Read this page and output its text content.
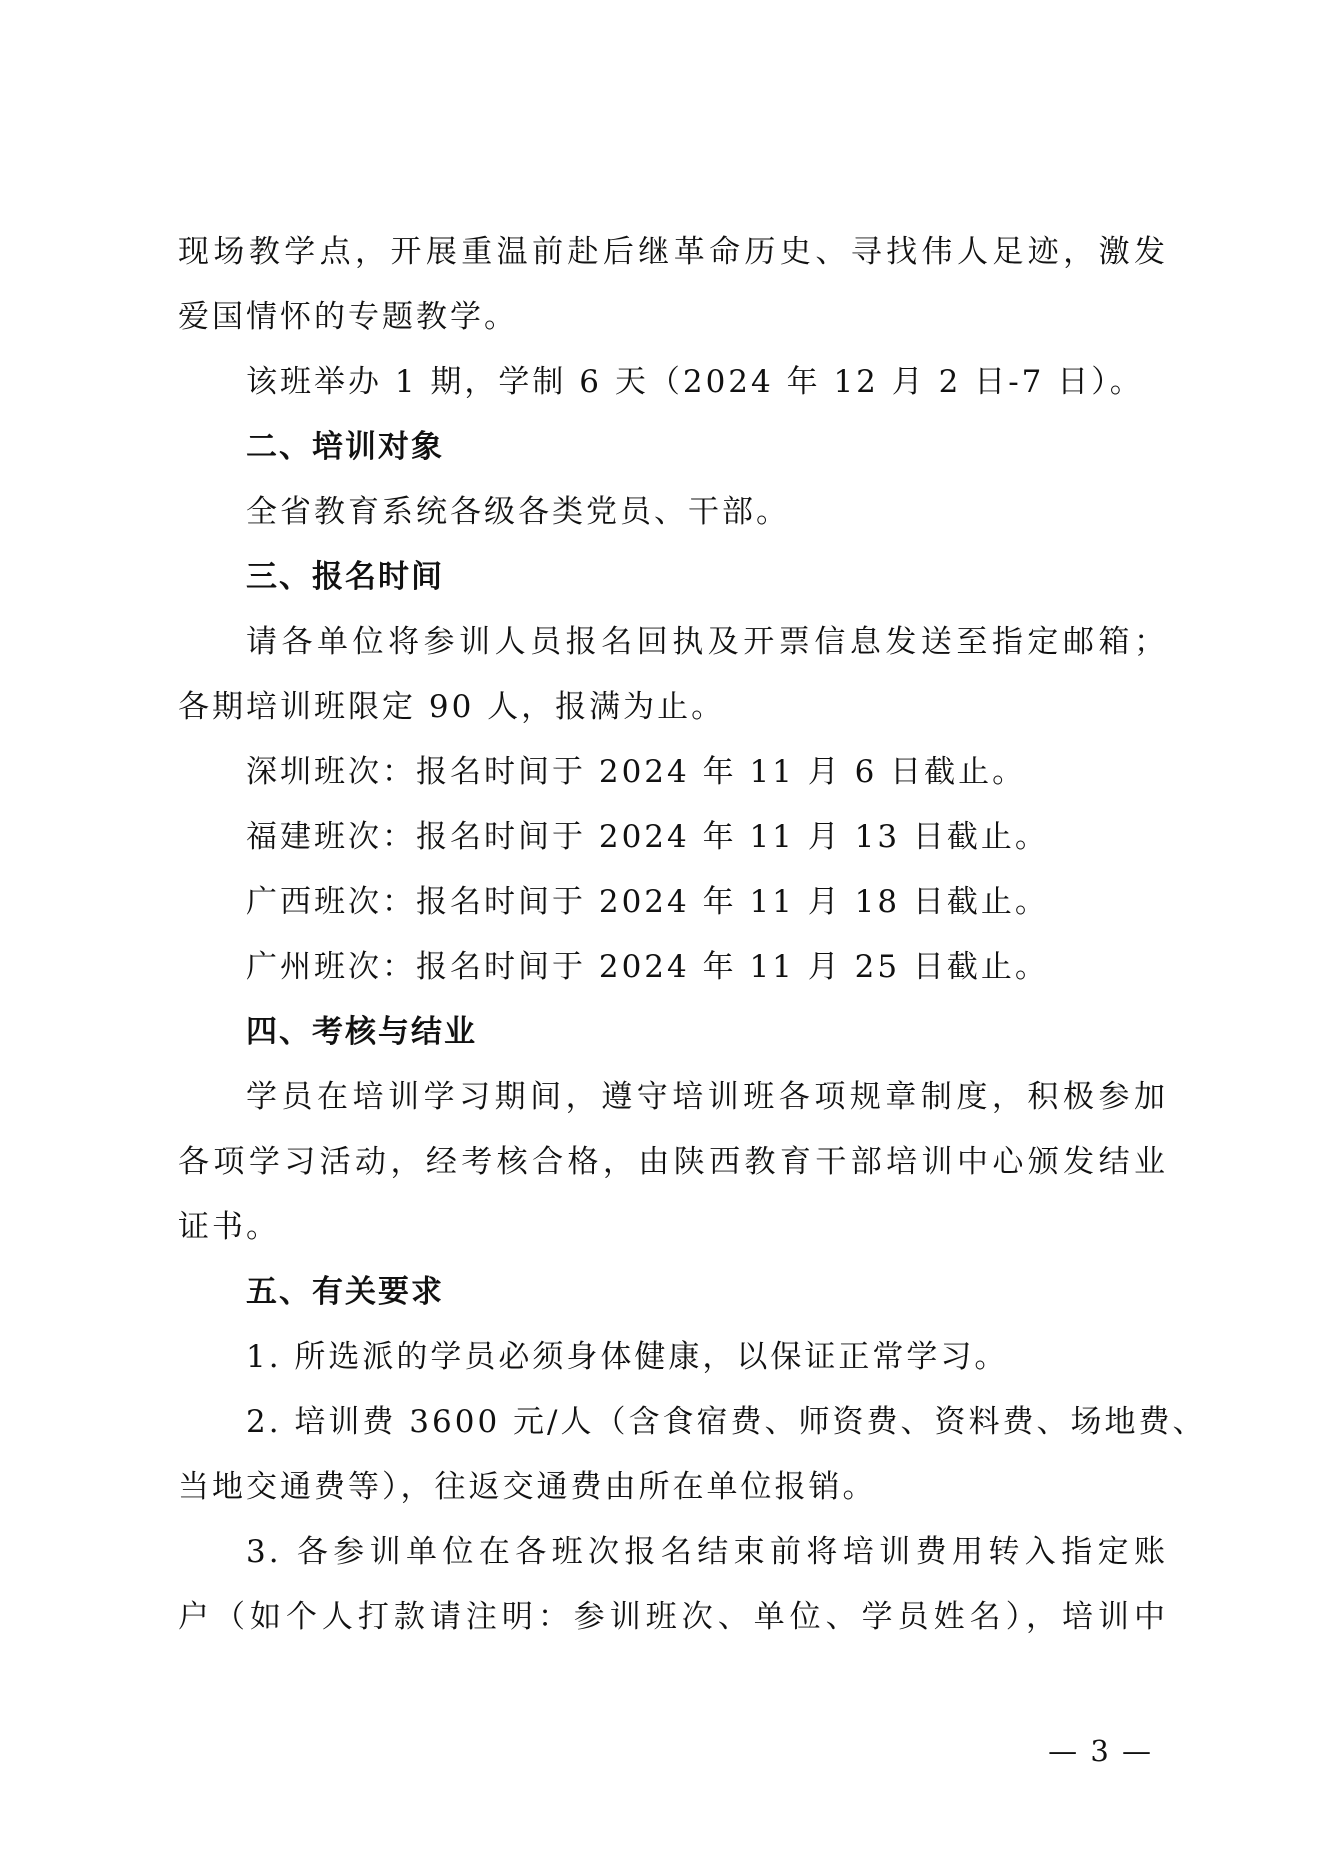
现场教学点，开展重温前赴后继革命历史、寻找伟人足迹，激发
爱国情怀的专题教学。
该班举办 1 期，学制 6 天（2024 年 12 月 2 日-7 日）。
二、培训对象
全省教育系统各级各类党员、干部。
三、报名时间
请各单位将参训人员报名回执及开票信息发送至指定邮箱；
各期培训班限定 90 人，报满为止。
深圳班次：报名时间于 2024 年 11 月 6 日截止。
福建班次：报名时间于 2024 年 11 月 13 日截止。
广西班次：报名时间于 2024 年 11 月 18 日截止。
广州班次：报名时间于 2024 年 11 月 25 日截止。
四、考核与结业
学员在培训学习期间，遵守培训班各项规章制度，积极参加
各项学习活动，经考核合格，由陕西教育干部培训中心颁发结业
证书。
五、有关要求
1. 所选派的学员必须身体健康，以保证正常学习。
2. 培训费 3600 元/人（含食宿费、师资费、资料费、场地费、
当地交通费等），往返交通费由所在单位报销。
3. 各参训单位在各班次报名结束前将培训费用转入指定账
户（如个人打款请注明：参训班次、单位、学员姓名），培训中
— 3 —
